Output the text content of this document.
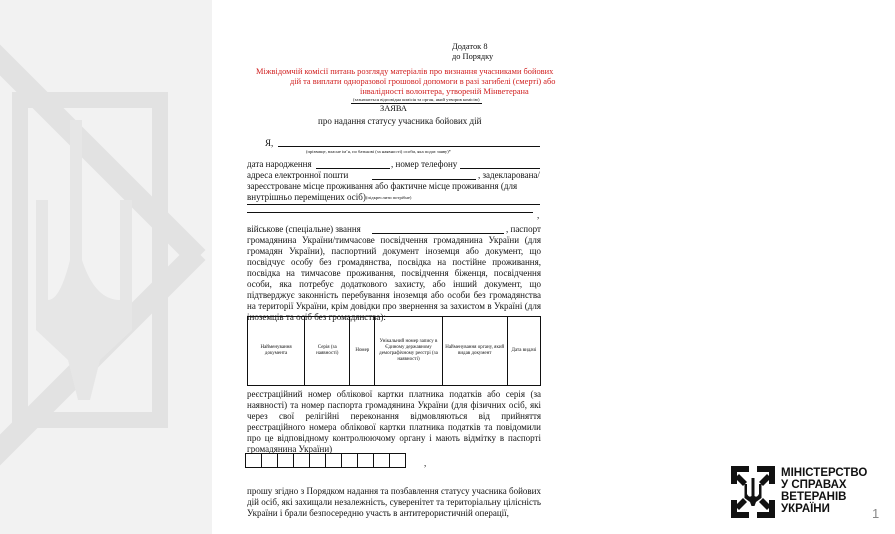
Додаток 8
до Порядку
Міжвідомчій комісії питань розгляду матеріалів про визнання учасниками бойових
дій та виплати одноразової грошової допомоги в разі загибелі (смерті) або
інвалідності волонтера, утвореній Мінветерана
(зазначається відповідна комісія та орган, який утворив комісію)
ЗАЯВА
про надання статусу учасника бойових дій
Я,
(прізвище, власне ім’я, по батькові (за наявності) особи, яка подає заяву)*
дата народження	, номер телефону
адреса електронної пошти	, задекларована/
зареєстроване місце проживання або фактичне місце проживання (для
внутрішньо переміщених осіб) (підкреслити потрібне)
,
військове (спеціальне) звання	, паспорт
громадянина України/тимчасове посвідчення громадянина України (для громадян України), паспортний документ іноземця або документ, що посвідчує особу без громадянства, посвідка на постійне проживання, посвідка на тимчасове проживання, посвідчення біженця, посвідчення особи, яка потребує додаткового захисту, або інший документ, що підтверджує законність перебування іноземця або особи без громадянства на території України, крім довідки про звернення за захистом в Україні (для іноземців та осіб без громадянства):
Найменування документа	Серія (за наявності)	Номер	Унікальний номер запису в Єдиному державному демографічному реєстрі (за наявності)	Найменування органу, який видав документ	Дата видачі
реєстраційний номер облікової картки платника податків або серія (за наявності) та номер паспорта громадянина України (для фізичних осіб, які через свої релігійні переконання відмовляються від прийняття реєстраційного номера облікової картки платника податків та повідомили про це відповідному контролюючому органу і мають відмітку в паспорті громадянина України)
,
прошу згідно з Порядком надання та позбавлення статусу учасника бойових дій осіб, які захищали незалежність, суверенітет та територіальну цілісність України і брали безпосередню участь в антитерористичній операції,
МІНІСТЕРСТВО
У СПРАВАХ
ВЕТЕРАНІВ
УКРАЇНИ	1
